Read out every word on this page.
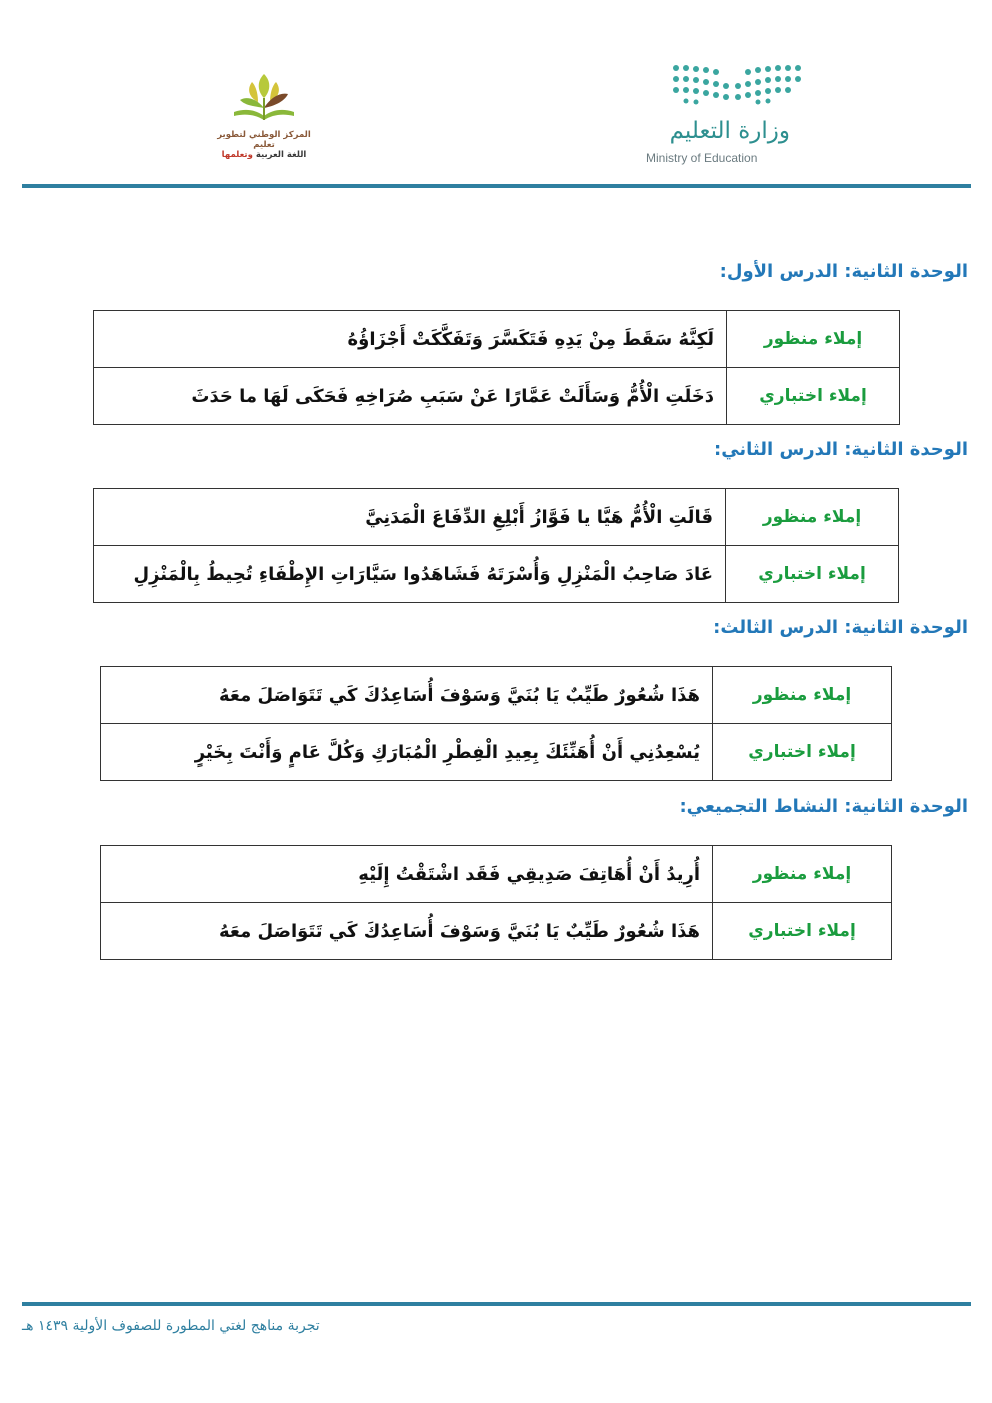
وزارة التعليم
Ministry of Education
المركز الوطني لتطوير تعليم
اللغة العربية وتعلمها
الوحدة الثانية: الدرس الأول:
إملاء منظور	لَكِنَّهُ سَقَطَ مِنْ يَدِهِ فَتَكَسَّرَ وَتَفَكَّكَتْ أَجْزَاؤُهُ
إملاء اختباري	دَخَلَتِ الْأُمُّ وَسَأَلَتْ عَمَّارًا عَنْ سَبَبِ صُرَاخِهِ فَحَكَى لَهَا ما حَدَثَ
الوحدة الثانية: الدرس الثاني:
إملاء منظور	قَالَتِ الْأُمُّ هَيَّا يا فَوَّازُ أَبْلِغِ الدِّفَاعَ الْمَدَنِيَّ
إملاء اختباري	عَادَ صَاحِبُ الْمَنْزِلِ وَأُسْرَتَهُ فَشَاهَدُوا سَيَّارَاتِ الإِطْفَاءِ تُحِيطُ بِالْمَنْزِلِ
الوحدة الثانية: الدرس الثالث:
إملاء منظور	هَذَا شُعُورٌ طَيِّبٌ يَا بُنَيَّ وَسَوْفَ أُسَاعِدُكَ كَي تَتَوَاصَلَ معَهُ
إملاء اختباري	يُسْعِدُنِي أَنْ أُهَنِّئَكَ بِعِيدِ الْفِطْرِ الْمُبَارَكِ وَكُلَّ عَامٍ وَأَنْتَ بِخَيْرٍ
الوحدة الثانية: النشاط التجميعي:
إملاء منظور	أُرِيدُ أَنْ أُهَاتِفَ صَدِيقِي فَقَد اشْتَقْتُ إِلَيْهِ
إملاء اختباري	هَذَا شُعُورٌ طَيِّبٌ يَا بُنَيَّ وَسَوْفَ أُسَاعِدُكَ كَي تَتَوَاصَلَ معَهُ
تجربة مناهج لغتي المطورة للصفوف الأولية ١٤٣٩ هـ
